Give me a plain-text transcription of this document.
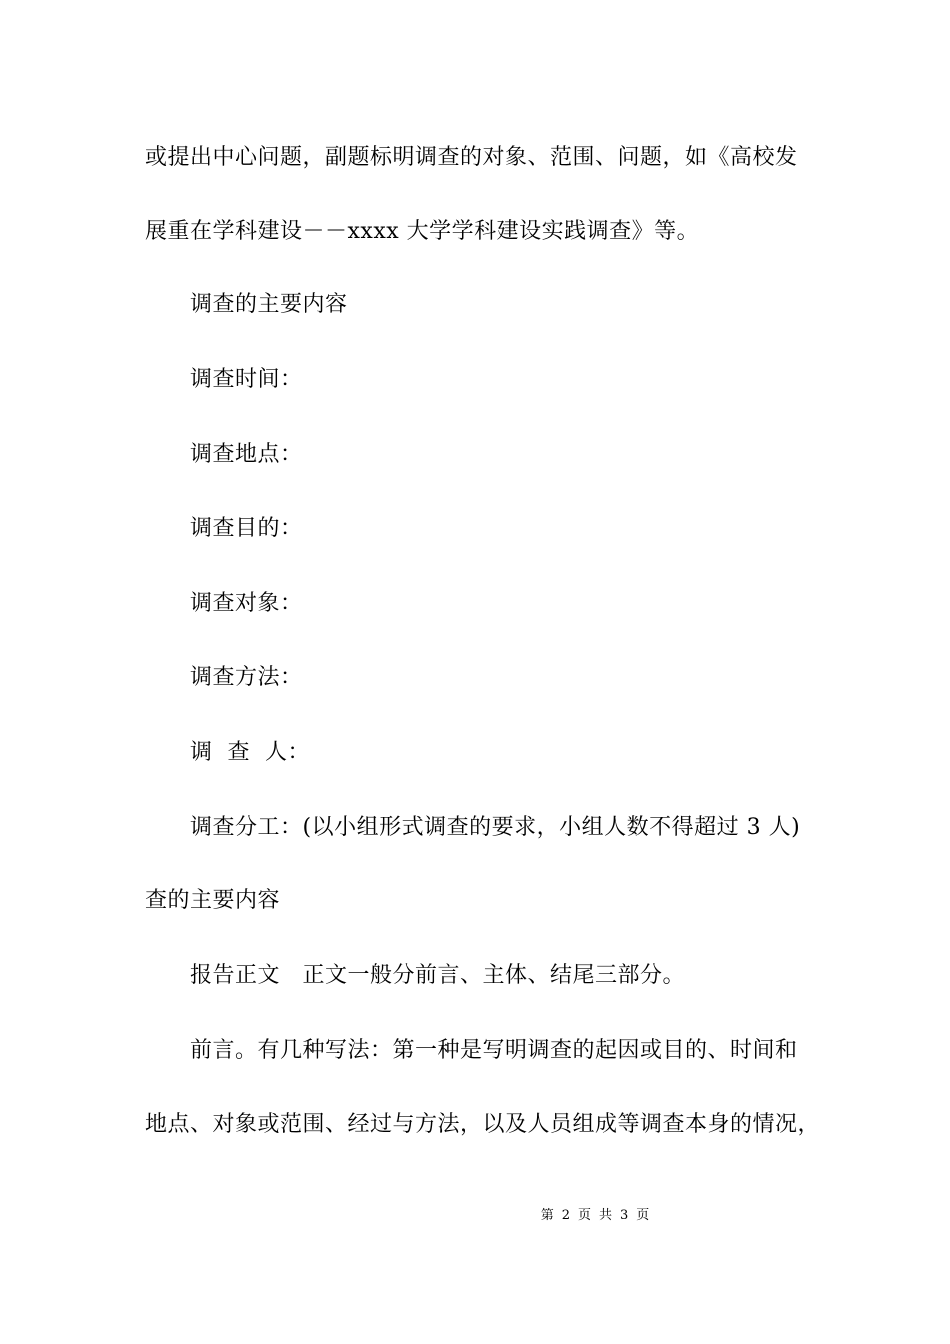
或提出中心问题，副题标明调查的对象、范围、问题，如《高校发
展重在学科建设－－xxxx 大学学科建设实践调查》等。
调查的主要内容
调查时间：
调查地点：
调查目的：
调查对象：
调查方法：
调  查  人：
调查分工：(以小组形式调查的要求，小组人数不得超过 3 人)
查的主要内容
报告正文　正文一般分前言、主体、结尾三部分。
前言。有几种写法：第一种是写明调查的起因或目的、时间和
地点、对象或范围、经过与方法，以及人员组成等调查本身的情况，
第 2 页 共 3 页
